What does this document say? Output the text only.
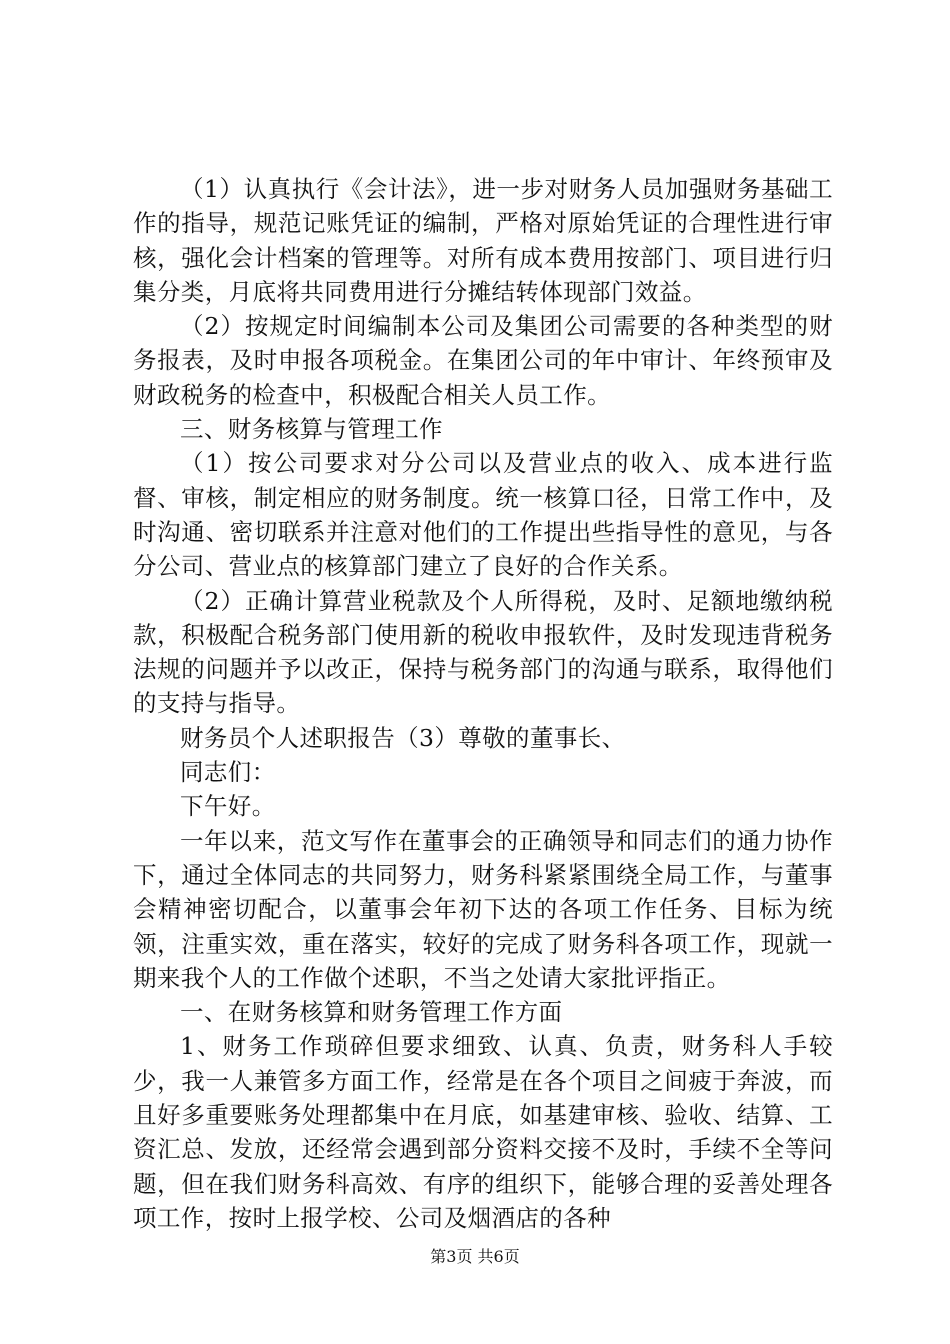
（1）认真执行《会计法》，进一步对财务人员加强财务基础工作的指导，规范记账凭证的编制，严格对原始凭证的合理性进行审核，强化会计档案的管理等。对所有成本费用按部门、项目进行归集分类，月底将共同费用进行分摊结转体现部门效益。

（2）按规定时间编制本公司及集团公司需要的各种类型的财务报表，及时申报各项税金。在集团公司的年中审计、年终预审及财政税务的检查中，积极配合相关人员工作。

三、财务核算与管理工作

（1）按公司要求对分公司以及营业点的收入、成本进行监督、审核，制定相应的财务制度。统一核算口径，日常工作中，及时沟通、密切联系并注意对他们的工作提出些指导性的意见，与各分公司、营业点的核算部门建立了良好的合作关系。

（2）正确计算营业税款及个人所得税，及时、足额地缴纳税款，积极配合税务部门使用新的税收申报软件，及时发现违背税务法规的问题并予以改正，保持与税务部门的沟通与联系，取得他们的支持与指导。

财务员个人述职报告（3）尊敬的董事长、

同志们：

下午好。

一年以来，范文写作在董事会的正确领导和同志们的通力协作下，通过全体同志的共同努力，财务科紧紧围绕全局工作，与董事会精神密切配合，以董事会年初下达的各项工作任务、目标为统领，注重实效，重在落实，较好的完成了财务科各项工作，现就一期来我个人的工作做个述职，不当之处请大家批评指正。

一、在财务核算和财务管理工作方面

1、财务工作琐碎但要求细致、认真、负责，财务科人手较少，我一人兼管多方面工作，经常是在各个项目之间疲于奔波，而且好多重要账务处理都集中在月底，如基建审核、验收、结算、工资汇总、发放，还经常会遇到部分资料交接不及时，手续不全等问题，但在我们财务科高效、有序的组织下，能够合理的妥善处理各项工作，按时上报学校、公司及烟酒店的各种

第3页 共6页
